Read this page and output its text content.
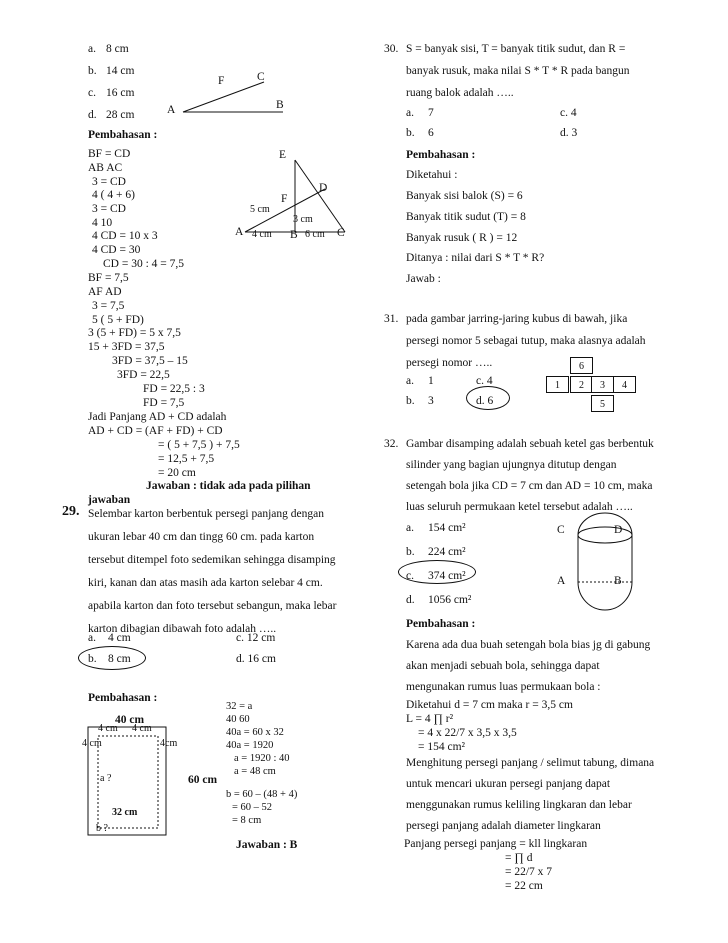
a. 8 cm
b. 14 cm
c. 16 cm
d. 28 cm
F	C
A	B
Pembahasan :
E
D
F
5 cm
3 cm
A 4 cm B 6 cm C
BF = CD
AB AC
3 = CD
4 ( 4 + 6)
3 = CD
4 10
4 CD = 10 x 3
4 CD = 30
CD = 30 : 4 = 7,5
BF = 7,5
AF AD
3 = 7,5
5 ( 5 + FD)
3 (5 + FD) = 5 x 7,5
15 + 3FD = 37,5
3FD = 37,5 – 15
3FD = 22,5
FD = 22,5 : 3
FD = 7,5
Jadi Panjang AD + CD adalah
AD + CD = (AF + FD) + CD
= ( 5 + 7,5 ) + 7,5
= 12,5 + 7,5
= 20 cm
Jawaban : tidak ada pada pilihan
jawaban
29. Selembar karton berbentuk persegi panjang dengan
ukuran lebar 40 cm dan tingg 60 cm. pada karton
tersebut ditempel foto sedemikan sehingga disamping
kiri, kanan dan atas masih ada karton selebar 4 cm.
apabila karton dan foto tersebut sebangun, maka lebar
karton dibagian dibawah foto adalah …..
a. 4 cm	c. 12 cm
b. 8 cm	d. 16 cm
Pembahasan :
40 cm
4 cm 4 cm
4 cm	4cm
a ?	60 cm
32 cm
b ?
32 = a
40 60
40a = 60 x 32
40a = 1920
a = 1920 : 40
a = 48 cm
b = 60 – (48 + 4)
= 60 – 52
= 8 cm
Jawaban : B
30. S = banyak sisi, T = banyak titik sudut, dan R =
banyak rusuk, maka nilai S * T * R pada bangun
ruang balok adalah …..
a. 7	c. 4
b. 6	d. 3
Pembahasan :
Diketahui :
Banyak sisi balok (S) = 6
Banyak titik sudut (T) = 8
Banyak rusuk ( R ) = 12
Ditanya : nilai dari S * T * R?
Jawab :
31. pada gambar jarring-jaring kubus di bawah, jika
persegi nomor 5 sebagai tutup, maka alasnya adalah
persegi nomor …..
a. 1	c. 4
b. 3	d. 6
6
1	2	3	4
5
32. Gambar disamping adalah sebuah ketel gas berbentuk
silinder yang bagian ujungnya ditutup dengan
setengah bola jika CD = 7 cm dan AD = 10 cm, maka
luas seluruh permukaan ketel tersebut adalah …..
a. 154 cm²
b. 224 cm²
c. 374 cm²
d. 1056 cm²
C	D
A	B
Pembahasan :
Karena ada dua buah setengah bola bias jg di gabung
akan menjadi sebuah bola, sehingga dapat
mengunakan rumus luas permukaan bola :
Diketahui d = 7 cm maka r = 3,5 cm
L = 4 ∏ r²
= 4 x 22/7 x 3,5 x 3,5
= 154 cm²
Menghitung persegi panjang / selimut tabung, dimana
untuk mencari ukuran persegi panjang dapat
menggunakan rumus keliling lingkaran dan lebar
persegi panjang adalah diameter lingkaran
Panjang persegi panjang = kll lingkaran
= ∏ d
= 22/7 x 7
= 22 cm
